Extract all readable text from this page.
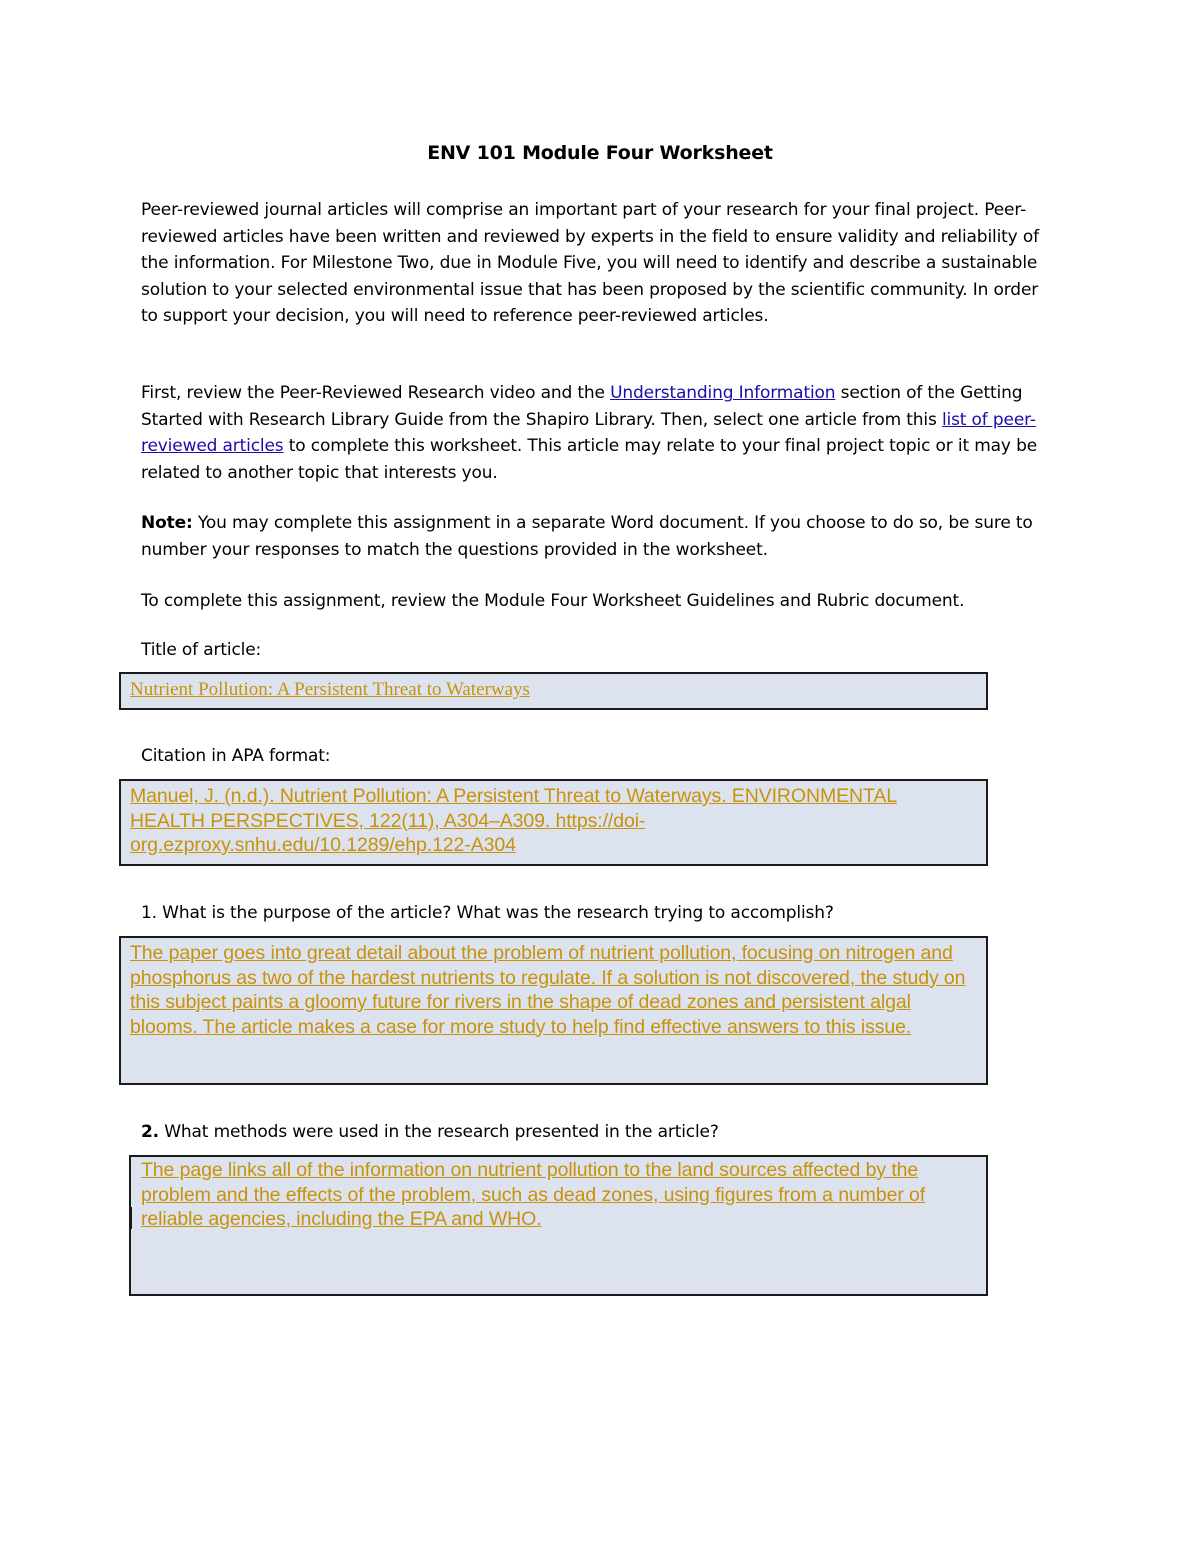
ENV 101 Module Four Worksheet
Peer-reviewed journal articles will comprise an important part of your research for your final project. Peer-reviewed articles have been written and reviewed by experts in the field to ensure validity and reliability of the information. For Milestone Two, due in Module Five, you will need to identify and describe a sustainable solution to your selected environmental issue that has been proposed by the scientific community. In order to support your decision, you will need to reference peer-reviewed articles.
First, review the Peer-Reviewed Research video and the Understanding Information section of the Getting Started with Research Library Guide from the Shapiro Library. Then, select one article from this list of peer-reviewed articles to complete this worksheet. This article may relate to your final project topic or it may be related to another topic that interests you.
Note: You may complete this assignment in a separate Word document. If you choose to do so, be sure to number your responses to match the questions provided in the worksheet.
To complete this assignment, review the Module Four Worksheet Guidelines and Rubric document.
Title of article:
Nutrient Pollution: A Persistent Threat to Waterways
Citation in APA format:
Manuel, J. (n.d.). Nutrient Pollution: A Persistent Threat to Waterways. ENVIRONMENTAL HEALTH PERSPECTIVES, 122(11), A304–A309. https://doi-org.ezproxy.snhu.edu/10.1289/ehp.122-A304
1. What is the purpose of the article? What was the research trying to accomplish?
The paper goes into great detail about the problem of nutrient pollution, focusing on nitrogen and phosphorus as two of the hardest nutrients to regulate. If a solution is not discovered, the study on this subject paints a gloomy future for rivers in the shape of dead zones and persistent algal blooms. The article makes a case for more study to help find effective answers to this issue.
2. What methods were used in the research presented in the article?
The page links all of the information on nutrient pollution to the land sources affected by the problem and the effects of the problem, such as dead zones, using figures from a number of reliable agencies, including the EPA and WHO.
